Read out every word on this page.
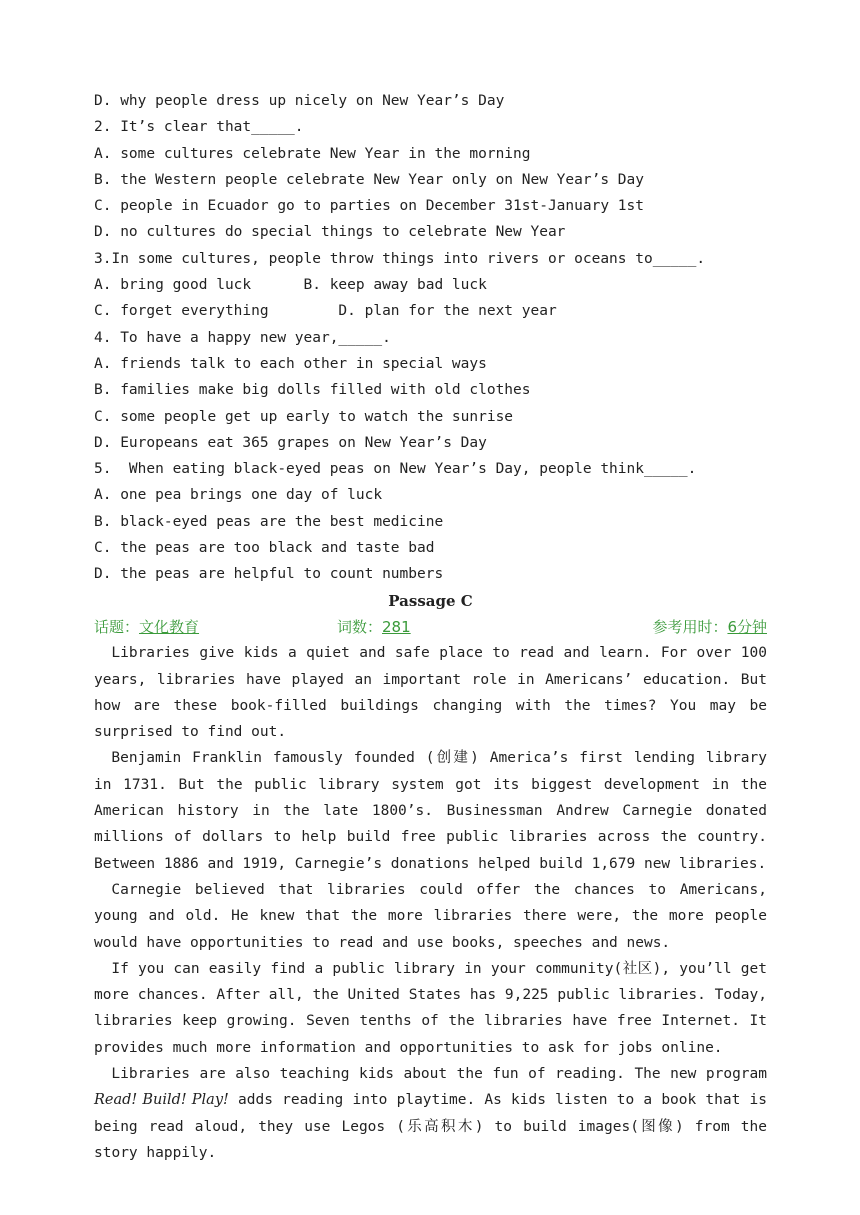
D. why people dress up nicely on New Year’s Day
2. It’s clear that_____.
A. some cultures celebrate New Year in the morning
B. the Western people celebrate New Year only on New Year’s Day
C. people in Ecuador go to parties on December 31st-January 1st
D. no cultures do special things to celebrate New Year
3.In some cultures, people throw things into rivers or oceans to_____.
A. bring good luck      B. keep away bad luck
C. forget everything        D. plan for the next year
4. To have a happy new year,_____.
A. friends talk to each other in special ways
B. families make big dolls filled with old clothes
C. some people get up early to watch the sunrise
D. Europeans eat 365 grapes on New Year’s Day
5.  When eating black-eyed peas on New Year’s Day, people think_____.
A. one pea brings one day of luck
B. black-eyed peas are the best medicine
C. the peas are too black and taste bad
D. the peas are helpful to count numbers
Passage C
话题：文化教育	词数：281	参考用时：6分钟
Libraries give kids a quiet and safe place to read and learn. For over 100 years, libraries have played an important role in Americans’ education. But how are these book-filled buildings changing with the times? You may be surprised to find out.
Benjamin Franklin famously founded (创建) America’s first lending library in 1731. But the public library system got its biggest development in the American history in the late 1800’s. Businessman Andrew Carnegie donated millions of dollars to help build free public libraries across the country. Between 1886 and 1919, Carnegie’s donations helped build 1,679 new libraries.
Carnegie believed that libraries could offer the chances to Americans, young and old. He knew that the more libraries there were, the more people would have opportunities to read and use books, speeches and news.
If you can easily find a public library in your community(社区), you’ll get more chances. After all, the United States has 9,225 public libraries. Today, libraries keep growing. Seven tenths of the libraries have free Internet. It provides much more information and opportunities to ask for jobs online.
Libraries are also teaching kids about the fun of reading. The new program Read! Build! Play! adds reading into playtime. As kids listen to a book that is being read aloud, they use Legos (乐高积木) to build images(图像) from the story happily.
